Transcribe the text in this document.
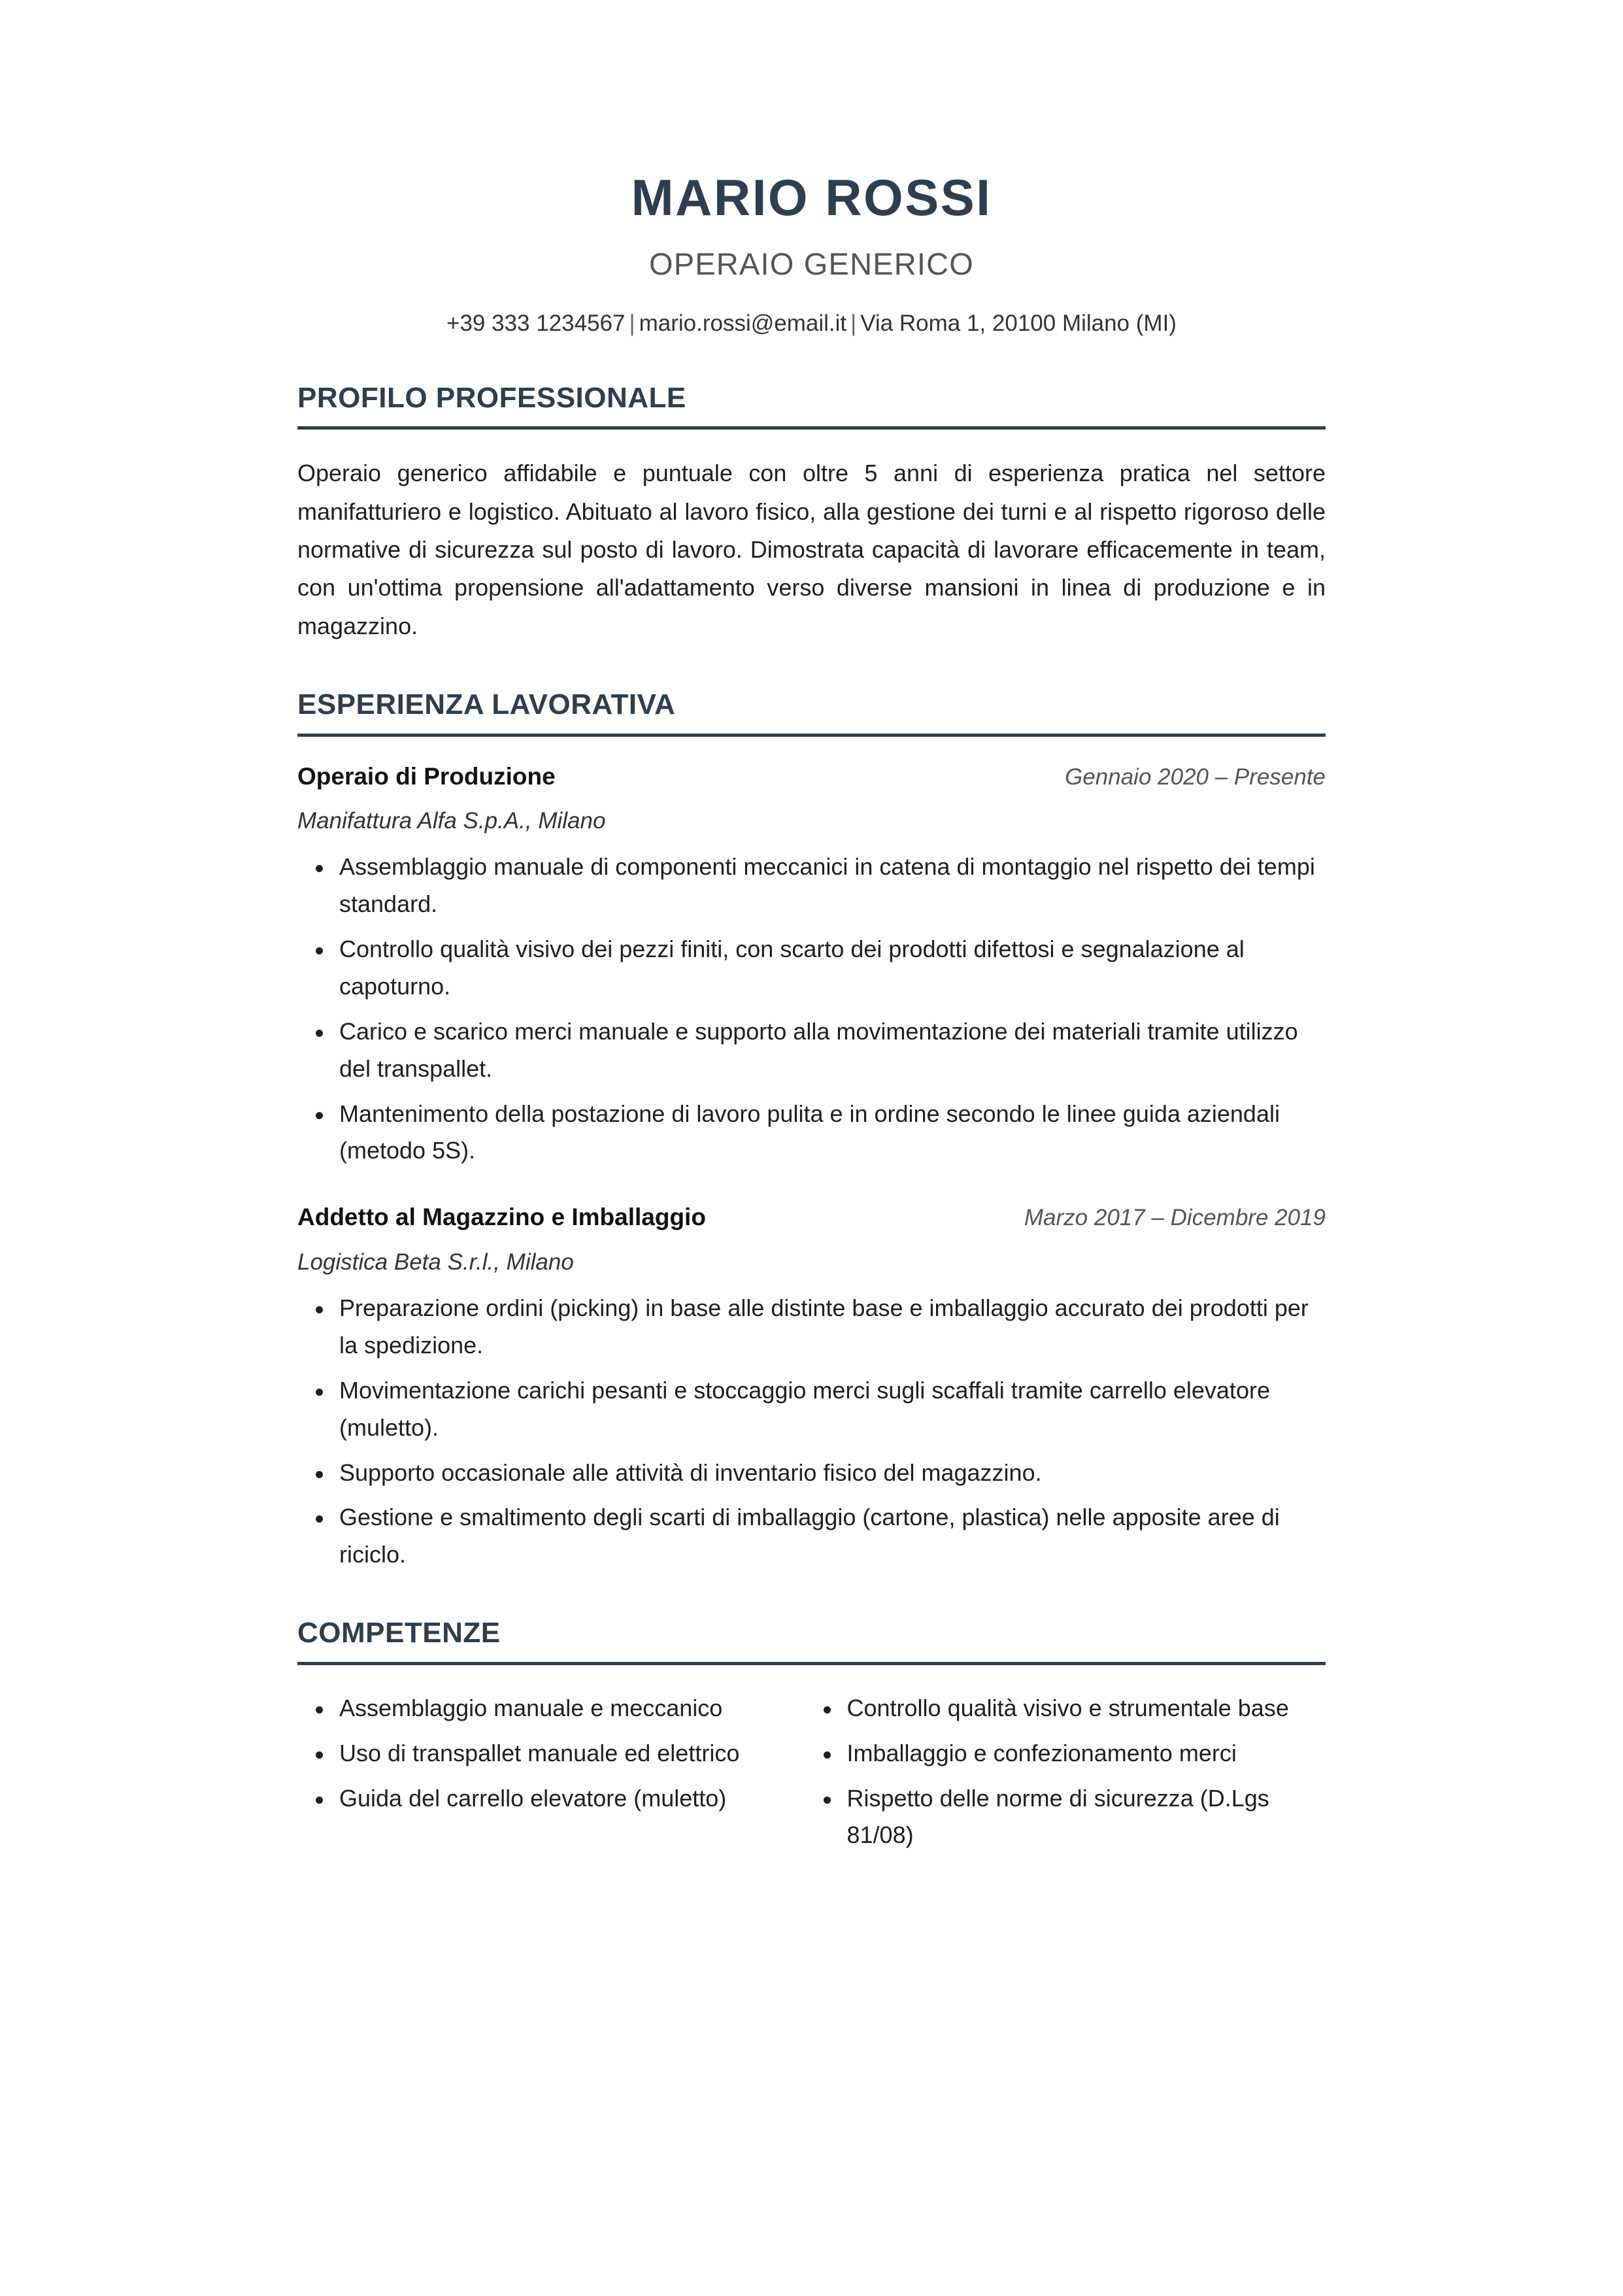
MARIO ROSSI
OPERAIO GENERICO
+39 333 1234567 | mario.rossi@email.it | Via Roma 1, 20100 Milano (MI)
PROFILO PROFESSIONALE

Operaio generico affidabile e puntuale con oltre 5 anni di esperienza pratica nel settore manifatturiero e logistico. Abituato al lavoro fisico, alla gestione dei turni e al rispetto rigoroso delle normative di sicurezza sul posto di lavoro. Dimostrata capacità di lavorare efficacemente in team, con un'ottima propensione all'adattamento verso diverse mansioni in linea di produzione e in magazzino.

ESPERIENZA LAVORATIVA
Operaio di Produzione	Gennaio 2020 – Presente
Manifattura Alfa S.p.A., Milano
Assemblaggio manuale di componenti meccanici in catena di montaggio nel rispetto dei tempi standard.
Controllo qualità visivo dei pezzi finiti, con scarto dei prodotti difettosi e segnalazione al capoturno.
Carico e scarico merci manuale e supporto alla movimentazione dei materiali tramite utilizzo del transpallet.
Mantenimento della postazione di lavoro pulita e in ordine secondo le linee guida aziendali (metodo 5S).
Addetto al Magazzino e Imballaggio	Marzo 2017 – Dicembre 2019
Logistica Beta S.r.l., Milano
Preparazione ordini (picking) in base alle distinte base e imballaggio accurato dei prodotti per la spedizione.
Movimentazione carichi pesanti e stoccaggio merci sugli scaffali tramite carrello elevatore (muletto).
Supporto occasionale alle attività di inventario fisico del magazzino.
Gestione e smaltimento degli scarti di imballaggio (cartone, plastica) nelle apposite aree di riciclo.
COMPETENZE
Assemblaggio manuale e meccanico
Uso di transpallet manuale ed elettrico
Guida del carrello elevatore (muletto)
Controllo qualità visivo e strumentale base
Imballaggio e confezionamento merci
Rispetto delle norme di sicurezza (D.Lgs 81/08)
